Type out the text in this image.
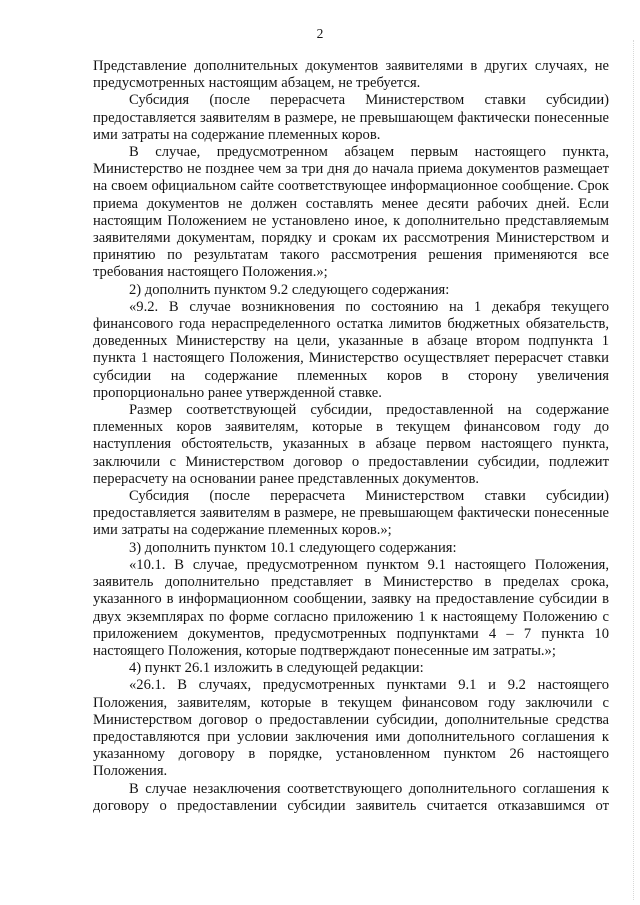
2

Представление дополнительных документов заявителями в других случаях, не предусмотренных настоящим абзацем, не требуется.

Субсидия (после перерасчета Министерством ставки субсидии) предоставляется заявителям в размере, не превышающем фактически понесенные ими затраты на содержание племенных коров.

В случае, предусмотренном абзацем первым настоящего пункта, Министерство не позднее чем за три дня до начала приема документов размещает на своем официальном сайте соответствующее информационное сообщение. Срок приема документов не должен составлять менее десяти рабочих дней. Если настоящим Положением не установлено иное, к дополнительно представляемым заявителями документам, порядку и срокам их рассмотрения Министерством и принятию по результатам такого рассмотрения решения применяются все требования настоящего Положения.»;

2) дополнить пунктом 9.2 следующего содержания:

«9.2. В случае возникновения по состоянию на 1 декабря текущего финансового года нераспределенного остатка лимитов бюджетных обязательств, доведенных Министерству на цели, указанные в абзаце втором подпункта 1 пункта 1 настоящего Положения, Министерство осуществляет перерасчет ставки субсидии на содержание племенных коров в сторону увеличения пропорционально ранее утвержденной ставке.

Размер соответствующей субсидии, предоставленной на содержание племенных коров заявителям, которые в текущем финансовом году до наступления обстоятельств, указанных в абзаце первом настоящего пункта, заключили с Министерством договор о предоставлении субсидии, подлежит перерасчету на основании ранее представленных документов.

Субсидия (после перерасчета Министерством ставки субсидии) предоставляется заявителям в размере, не превышающем фактически понесенные ими затраты на содержание племенных коров.»;

3) дополнить пунктом 10.1 следующего содержания:

«10.1. В случае, предусмотренном пунктом 9.1 настоящего Положения, заявитель дополнительно представляет в Министерство в пределах срока, указанного в информационном сообщении, заявку на предоставление субсидии в двух экземплярах по форме согласно приложению 1 к настоящему Положению с приложением документов, предусмотренных подпунктами 4 – 7 пункта 10 настоящего Положения, которые подтверждают понесенные им затраты.»;

4) пункт 26.1 изложить в следующей редакции:

«26.1. В случаях, предусмотренных пунктами 9.1 и 9.2 настоящего Положения, заявителям, которые в текущем финансовом году заключили с Министерством договор о предоставлении субсидии, дополнительные средства предоставляются при условии заключения ими дополнительного соглашения к указанному договору в порядке, установленном пунктом 26 настоящего Положения.

В случае незаключения соответствующего дополнительного соглашения к договору о предоставлении субсидии заявитель считается отказавшимся от
